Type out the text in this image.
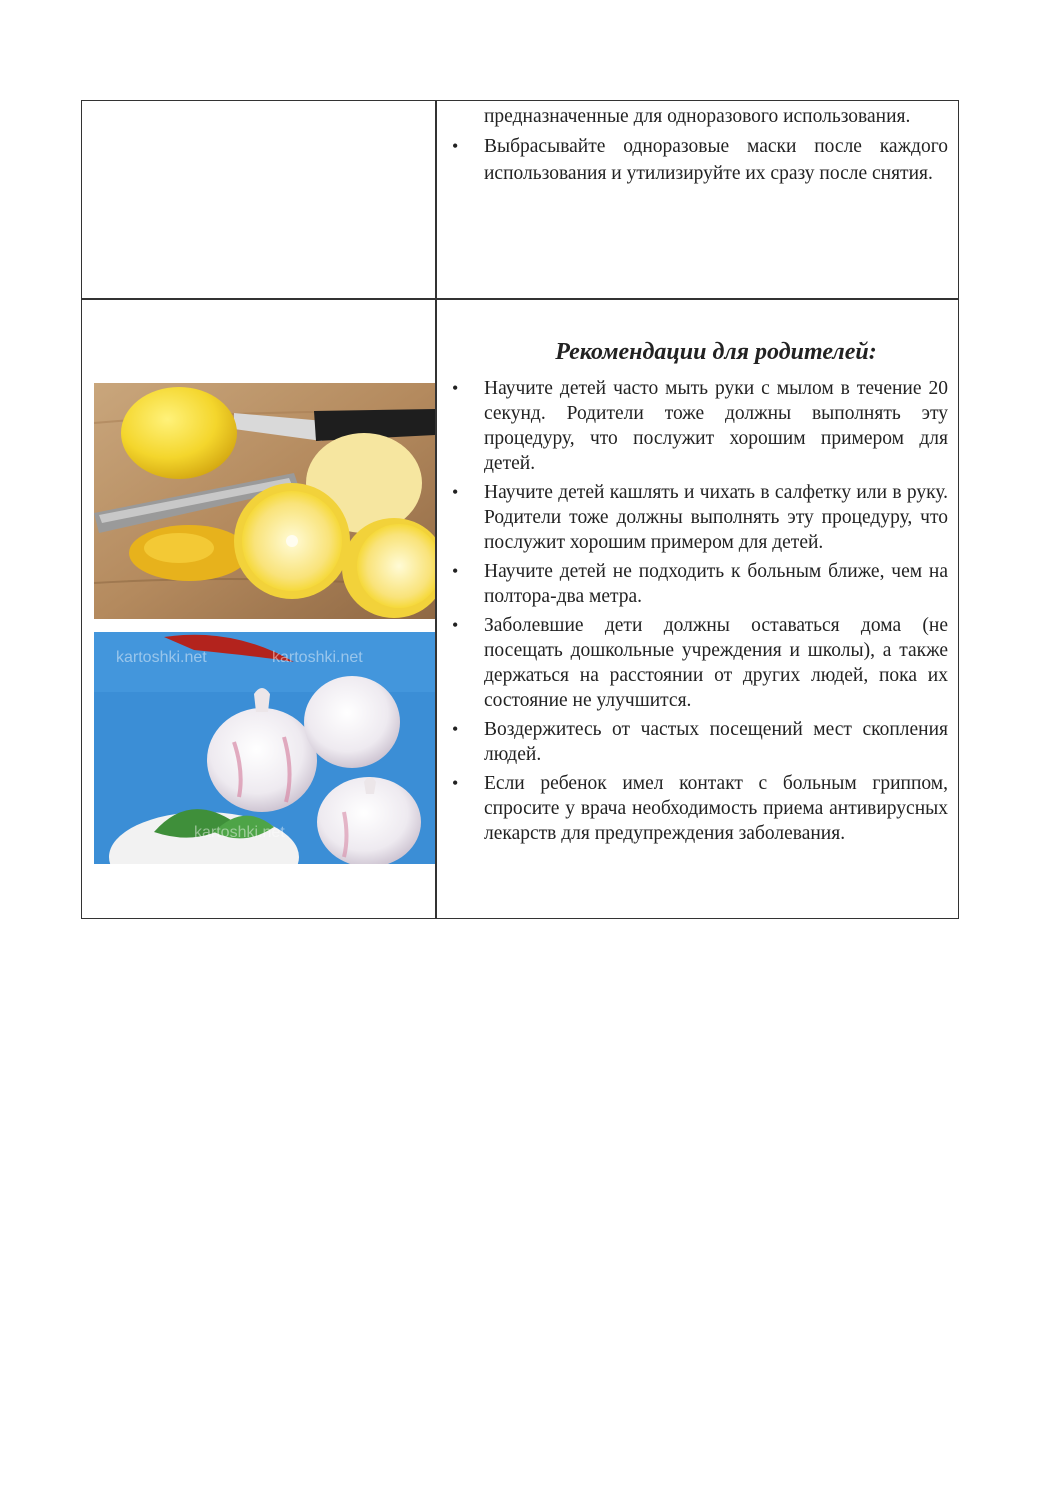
предназначенные для одноразового использования.

• Выбрасывайте одноразовые маски после каждого использования и утилизируйте их сразу после снятия.
Рекомендации для родителей:
• Научите детей часто мыть руки с мылом в течение 20 секунд. Родители тоже должны выполнять эту процедуру, что послужит хорошим примером для детей.
• Научите детей кашлять и чихать в салфетку или в руку. Родители тоже должны выполнять эту процедуру, что послужит хорошим примером для детей.
• Научите детей не подходить к больным ближе, чем на полтора-два метра.
• Заболевшие дети должны оставаться дома (не посещать дошкольные учреждения и школы), а также держаться на расстоянии от других людей, пока их состояние не улучшится.
• Воздержитесь от частых посещений мест скопления людей.
• Если ребенок имел контакт с больным гриппом, спросите у врача необходимость приема антивирусных лекарств для предупреждения заболевания.
kartoshki.net	kartoshki.net
kartoshki.net
